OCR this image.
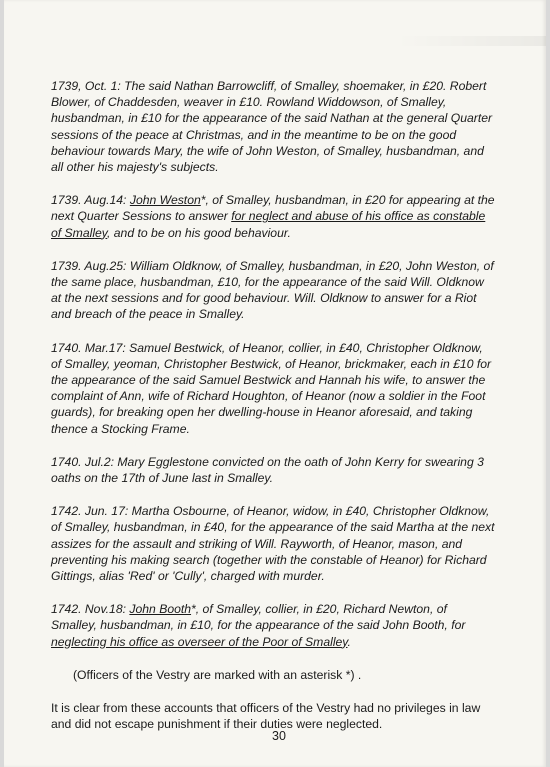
1739, Oct. 1: The said Nathan Barrowcliff, of Smalley, shoemaker, in £20. Robert Blower, of Chaddesden, weaver in £10. Rowland Widdowson, of Smalley, husbandman, in £10 for the appearance of the said Nathan at the general Quarter sessions of the peace at Christmas, and in the meantime to be on the good behaviour towards Mary, the wife of John Weston, of Smalley, husbandman, and all other his majesty's subjects.

1739. Aug.14: John Weston*, of Smalley, husbandman, in £20 for appearing at the next Quarter Sessions to answer for neglect and abuse of his office as constable of Smalley, and to be on his good behaviour.

1739. Aug.25: William Oldknow, of Smalley, husbandman, in £20, John Weston, of the same place, husbandman, £10, for the appearance of the said Will. Oldknow at the next sessions and for good behaviour. Will. Oldknow to answer for a Riot and breach of the peace in Smalley.

1740. Mar.17: Samuel Bestwick, of Heanor, collier, in £40, Christopher Oldknow, of Smalley, yeoman, Christopher Bestwick, of Heanor, brickmaker, each in £10 for the appearance of the said Samuel Bestwick and Hannah his wife, to answer the complaint of Ann, wife of Richard Houghton, of Heanor (now a soldier in the Foot guards), for breaking open her dwelling-house in Heanor aforesaid, and taking thence a Stocking Frame.

1740. Jul.2: Mary Egglestone convicted on the oath of John Kerry for swearing 3 oaths on the 17th of June last in Smalley.

1742. Jun. 17: Martha Osbourne, of Heanor, widow, in £40, Christopher Oldknow, of Smalley, husbandman, in £40, for the appearance of the said Martha at the next assizes for the assault and striking of Will. Rayworth, of Heanor, mason, and preventing his making search (together with the constable of Heanor) for Richard Gittings, alias 'Red' or 'Cully', charged with murder.

1742. Nov.18: John Booth*, of Smalley, collier, in £20, Richard Newton, of Smalley, husbandman, in £10, for the appearance of the said John Booth, for neglecting his office as overseer of the Poor of Smalley.

(Officers of the Vestry are marked with an asterisk *) .

It is clear from these accounts that officers of the Vestry had no privileges in law and did not escape punishment if their duties were neglected.

30
